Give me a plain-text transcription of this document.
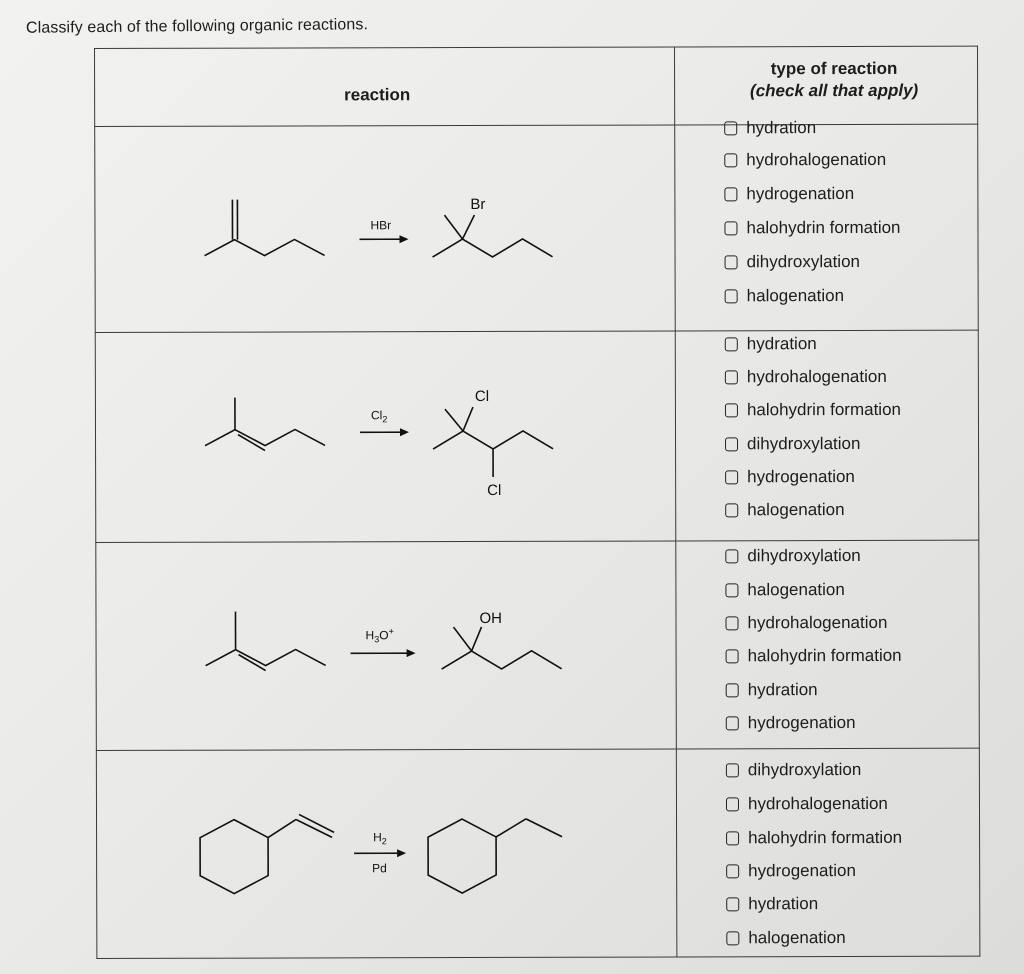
Classify each of the following organic reactions.
reaction
type of reaction
(check all that apply)
HBr
Br
hydration
hydrohalogenation
hydrogenation
halohydrin formation
dihydroxylation
halogenation
$Cl_2$
Cl
Cl
hydration
hydrohalogenation
halohydrin formation
dihydroxylation
hydrogenation
halogenation
$H_3O^+$
OH
dihydroxylation
halogenation
hydrohalogenation
halohydrin formation
hydration
hydrogenation
$H_2$
Pd
dihydroxylation
hydrohalogenation
halohydrin formation
hydrogenation
hydration
halogenation
